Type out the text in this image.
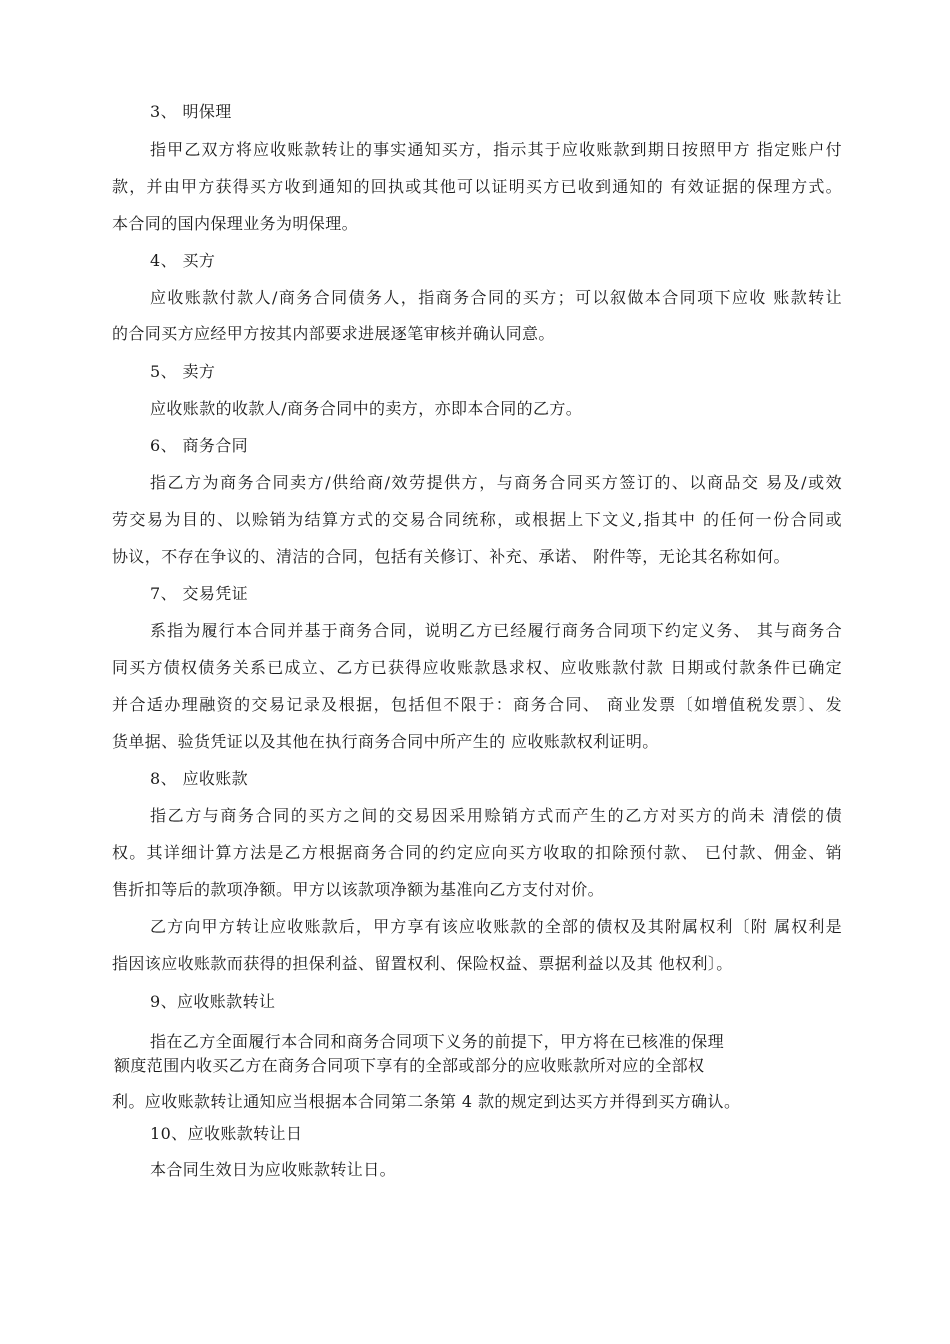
3、 明保理
指甲乙双方将应收账款转让的事实通知买方，指示其于应收账款到期日按照甲方 指定账户付
款，并由甲方获得买方收到通知的回执或其他可以证明买方已收到通知的 有效证据的保理方式。
本合同的国内保理业务为明保理。
4、 买方
应收账款付款人/商务合同债务人，指商务合同的买方；可以叙做本合同项下应收 账款转让
的合同买方应经甲方按其内部要求进展逐笔审核并确认同意。
5、 卖方
应收账款的收款人/商务合同中的卖方，亦即本合同的乙方。
6、 商务合同
指乙方为商务合同卖方/供给商/效劳提供方，与商务合同买方签订的、以商品交 易及/或效
劳交易为目的、以赊销为结算方式的交易合同统称，或根据上下文义,指其中 的任何一份合同或
协议，不存在争议的、清洁的合同，包括有关修订、补充、承诺、 附件等，无论其名称如何。
7、 交易凭证
系指为履行本合同并基于商务合同，说明乙方已经履行商务合同项下约定义务、 其与商务合
同买方债权债务关系已成立、乙方已获得应收账款恳求权、应收账款付款 日期或付款条件已确定
并合适办理融资的交易记录及根据，包括但不限于：商务合同、 商业发票〔如增值税发票〕、发
货单据、验货凭证以及其他在执行商务合同中所产生的 应收账款权利证明。
8、 应收账款
指乙方与商务合同的买方之间的交易因采用赊销方式而产生的乙方对买方的尚未 清偿的债
权。其详细计算方法是乙方根据商务合同的约定应向买方收取的扣除预付款、 已付款、佣金、销
售折扣等后的款项净额。甲方以该款项净额为基准向乙方支付对价。
乙方向甲方转让应收账款后，甲方享有该应收账款的全部的债权及其附属权利〔附 属权利是
指因该应收账款而获得的担保利益、留置权利、保险权益、票据利益以及其 他权利〕。
9、应收账款转让
指在乙方全面履行本合同和商务合同项下义务的前提下，甲方将在已核准的保理
额度范围内收买乙方在商务合同项下享有的全部或部分的应收账款所对应的全部权
利。应收账款转让通知应当根据本合同第二条第 4 款的规定到达买方并得到买方确认。
10、应收账款转让日
本合同生效日为应收账款转让日。
